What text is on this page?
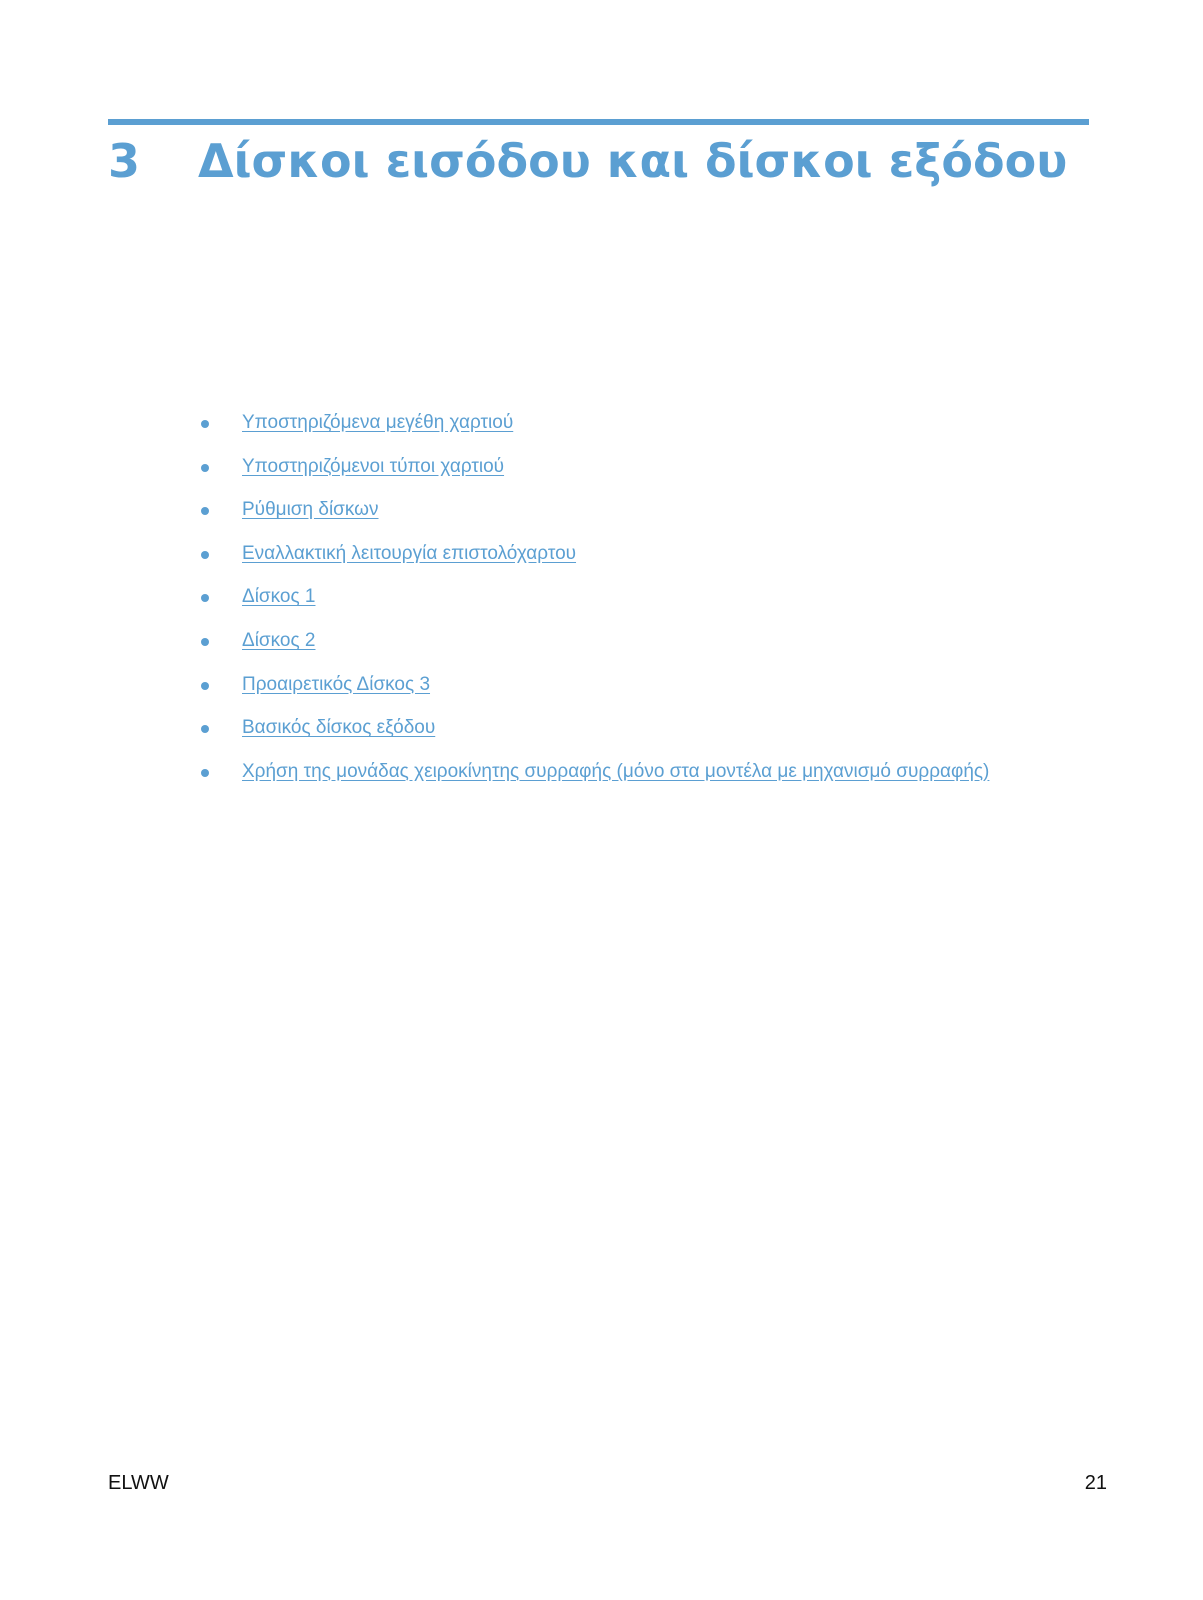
3	Δίσκοι εισόδου και δίσκοι εξόδου
Υποστηριζόμενα μεγέθη χαρτιού
Υποστηριζόμενοι τύποι χαρτιού
Ρύθμιση δίσκων
Εναλλακτική λειτουργία επιστολόχαρτου
Δίσκος 1
Δίσκος 2
Προαιρετικός Δίσκος 3
Βασικός δίσκος εξόδου
Χρήση της μονάδας χειροκίνητης συρραφής (μόνο στα μοντέλα με μηχανισμό συρραφής)
ELWW	21
